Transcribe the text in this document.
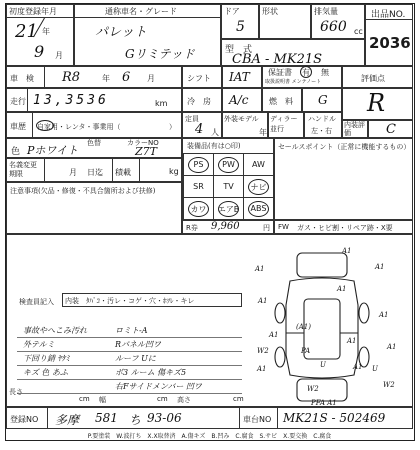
初度登録年月
21 年
9 月
通称車名・グレード
パレット
Gリミテッド
ドア
5
形状	排気量
660 cc
出品NO.
2036
型　式
CBA - MK21S
車　検 R8	年 6 月	シフト IAT 保証書
取扱説明書 メンテノート
有 無
評価点
走行 13,3536	km 冷　房 A/c	燃　料 G R
車歴 自家用・レンタ・事業用（	）
定員
4 人
外装モデル
年
ディラー並行
ハンドル
左・右
内装評価	C
色 Pホワイト
色替	カラーNO
Z7T	装備品(有は○印)
PS	PW	AW
SR	TV	ナビ
カワ	エアB	ABS
セールスポイント（正常に機能するもの）
R券 9,960	円 FW ガス・ヒビ割・リペア跡・X要
名義変更期限	月 日迄 積載	kg
注意事項(欠品・修復・不具合箇所および扶修)
検査員記入 内装　ﾀﾊﾞｺ・汚レ・コゲ・穴・ﾎﾂﾚ・キレ
事故やへこみ汚れ	ロミト-A
外テルミ	Rパネル凹ワ
下回り錆 ﾔｹﾐ	ルーフ Uに
キズ 色 あふ	ボ3 ルーム 傷キズ5
右Fサイドメンバー 凹ワ
A1
A1
A1
A1
A1
A1
A1
A1
A1
W2
W2
U
PA
A1 U
A1
(A1)
W2
PFA A1
長さ
cm 幅	cm 高さ	cm
登録NO 多摩 581 ち 93-06	車台NO MK21S - 502469
P.要塗装　W.波打ち　X.X取替済　A.傷キズ　B.凹み　C.腐食　S.サビ　X.要交換　C.腐食
